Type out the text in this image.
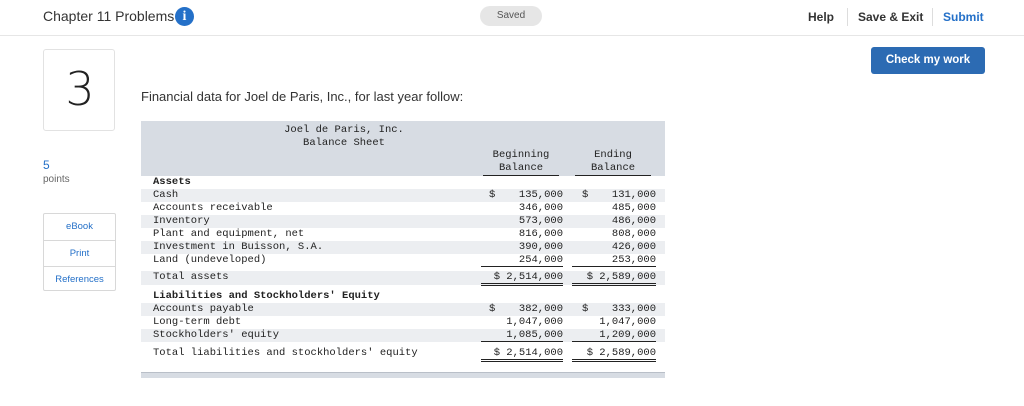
Chapter 11 Problems i	Saved	Help Save & Exit Submit
Check my work
3
5
points
eBook
Print
References
Financial data for Joel de Paris, Inc., for last year follow:
Joel de Paris, Inc.
Balance Sheet
Beginning
Balance
Ending
Balance
Assets
Cash	$	135,000 $	131,000
Accounts receivable	346,000	485,000
Inventory	573,000	486,000
Plant and equipment, net	816,000	808,000
Investment in Buisson, S.A.	390,000	426,000
Land (undeveloped)	254,000	253,000
Total assets	$ 2,514,000	$ 2,589,000
Liabilities and Stockholders' Equity
Accounts payable	$	382,000 $	333,000
Long-term debt	1,047,000	1,047,000
Stockholders' equity	1,085,000	1,209,000
Total liabilities and stockholders' equity	$ 2,514,000	$ 2,589,000
